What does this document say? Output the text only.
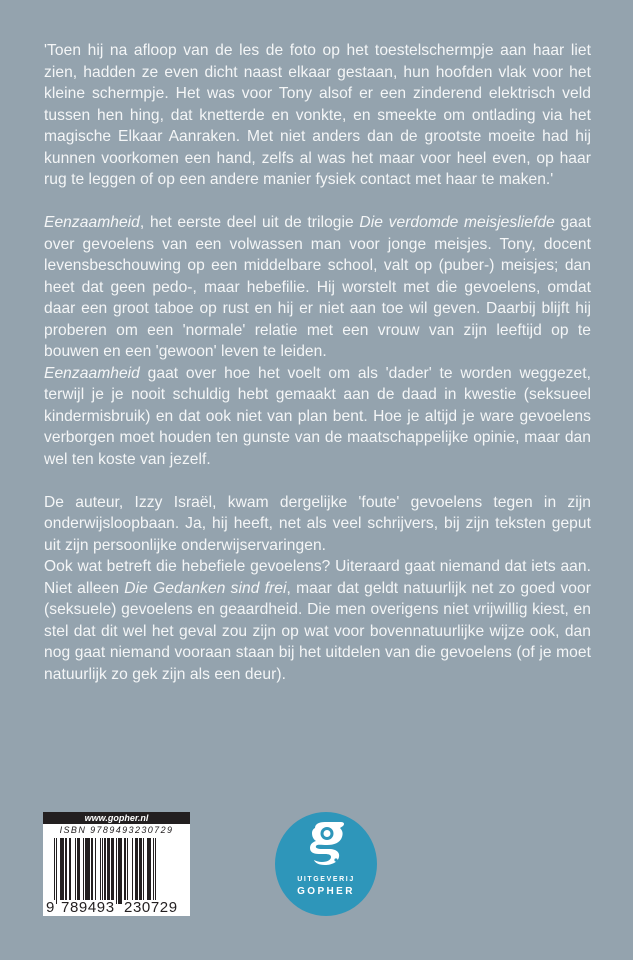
'Toen hij na afloop van de les de foto op het toestelschermpje aan haar liet zien, hadden ze even dicht naast elkaar gestaan, hun hoofden vlak voor het kleine schermpje. Het was voor Tony alsof er een zinderend elektrisch veld tussen hen hing, dat knetterde en vonkte, en smeekte om ontlading via het magische Elkaar Aanraken. Met niet anders dan de grootste moeite had hij kunnen voorkomen een hand, zelfs al was het maar voor heel even, op haar rug te leggen of op een andere manier fysiek contact met haar te maken.'

Eenzaamheid, het eerste deel uit de trilogie Die verdomde meisjesliefde gaat over gevoelens van een volwassen man voor jonge meisjes. Tony, docent levensbeschouwing op een middelbare school, valt op (puber-) meisjes; dan heet dat geen pedo-, maar hebefilie. Hij worstelt met die gevoelens, omdat daar een groot taboe op rust en hij er niet aan toe wil geven. Daarbij blijft hij proberen om een 'normale' relatie met een vrouw van zijn leeftijd op te bouwen en een 'gewoon' leven te leiden.

Eenzaamheid gaat over hoe het voelt om als 'dader' te worden weggezet, terwijl je je nooit schuldig hebt gemaakt aan de daad in kwestie (seksueel kindermisbruik) en dat ook niet van plan bent. Hoe je altijd je ware gevoelens verborgen moet houden ten gunste van de maatschappelijke opinie, maar dan wel ten koste van jezelf.

De auteur, Izzy Israël, kwam dergelijke 'foute' gevoelens tegen in zijn onderwijsloopbaan. Ja, hij heeft, net als veel schrijvers, bij zijn teksten geput uit zijn persoonlijke onderwijservaringen.

Ook wat betreft die hebefiele gevoelens? Uiteraard gaat niemand dat iets aan. Niet alleen Die Gedanken sind frei, maar dat geldt natuurlijk net zo goed voor (seksuele) gevoelens en geaardheid. Die men overigens niet vrijwillig kiest, en stel dat dit wel het geval zou zijn op wat voor bovennatuurlijke wijze ook, dan nog gaat niemand vooraan staan bij het uitdelen van die gevoelens (of je moet natuurlijk zo gek zijn als een deur).

www.gopher.nl
ISBN 9789493230729
9 789493 230729
UITGEVERIJ
GOPHER
